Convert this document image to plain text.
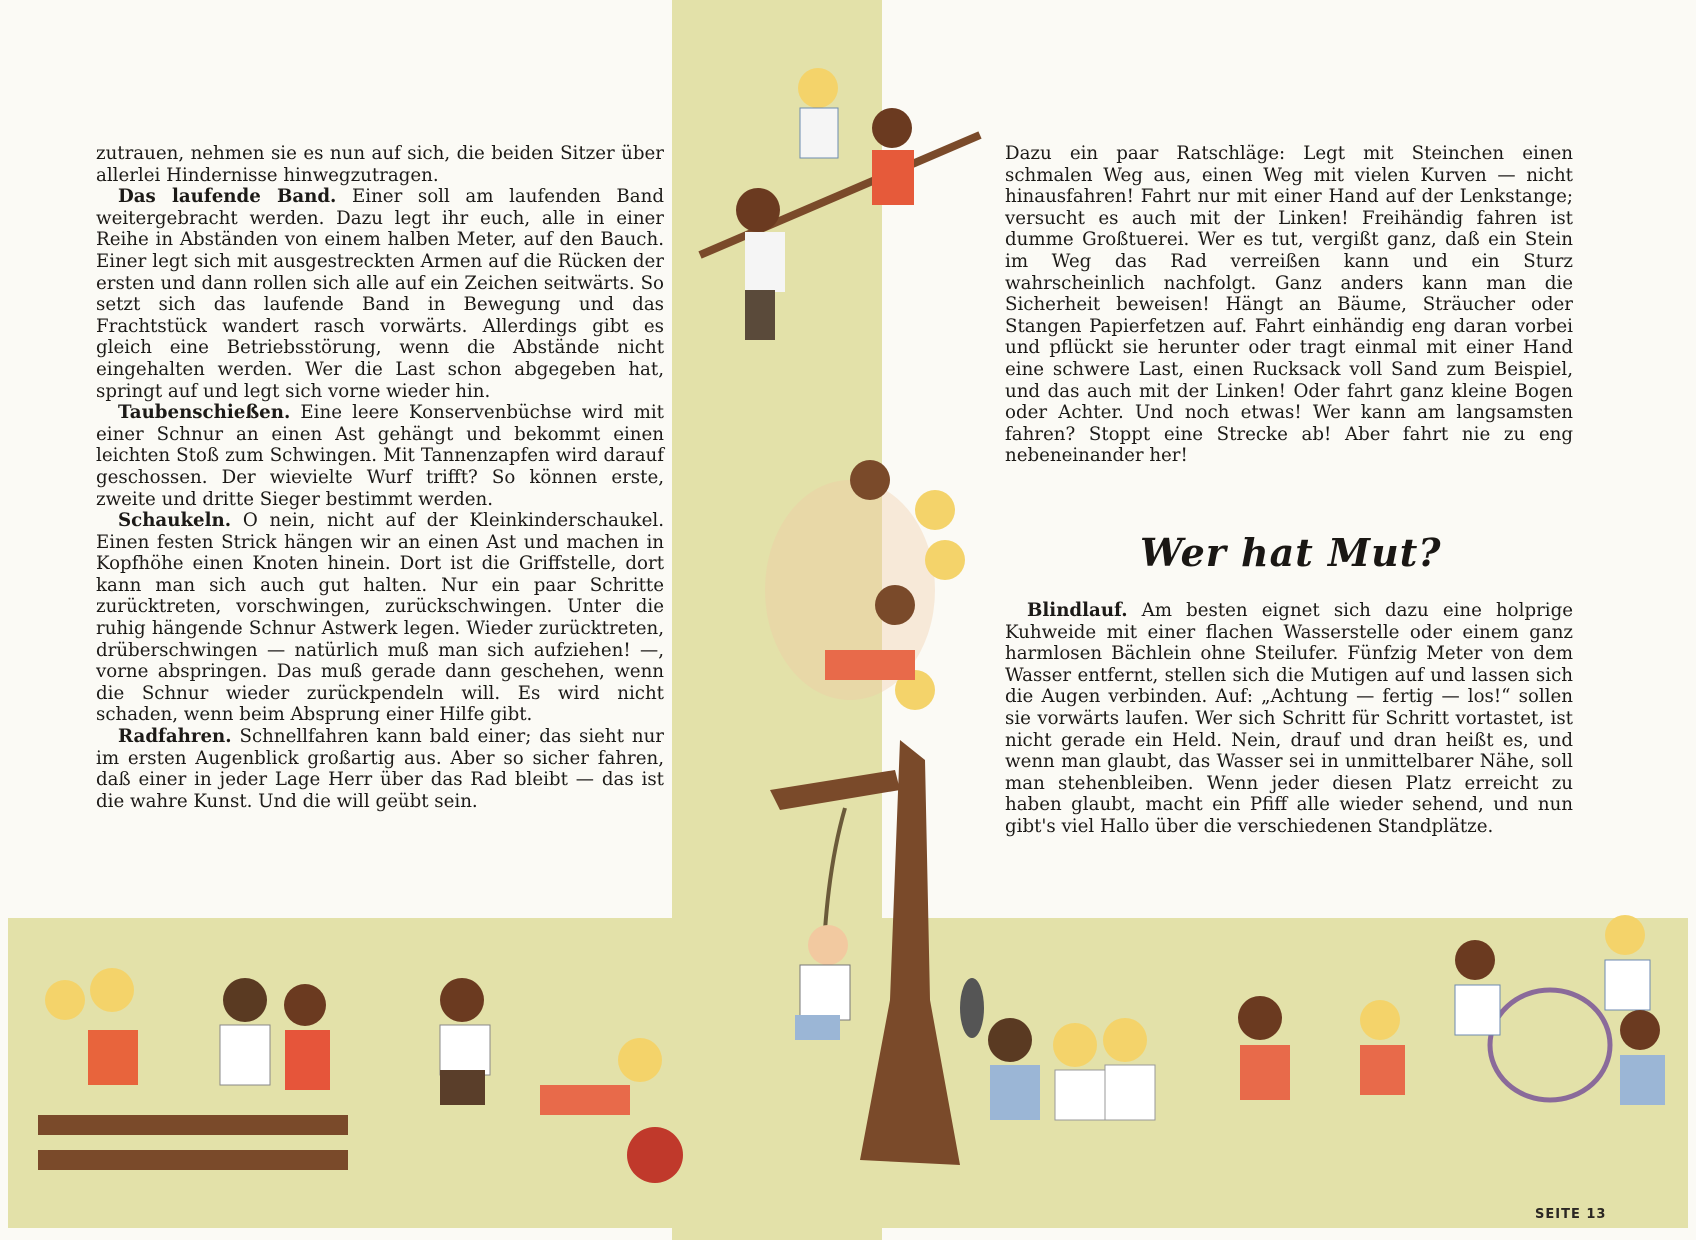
zutrauen, nehmen sie es nun auf sich, die beiden Sitzer über allerlei Hindernisse hinwegzutragen.

Das laufende Band. Einer soll am laufenden Band weitergebracht werden. Dazu legt ihr euch, alle in einer Reihe in Abständen von einem halben Meter, auf den Bauch. Einer legt sich mit ausgestreckten Armen auf die Rücken der ersten und dann rollen sich alle auf ein Zeichen seitwärts. So setzt sich das laufende Band in Bewegung und das Frachtstück wandert rasch vorwärts. Allerdings gibt es gleich eine Betriebsstörung, wenn die Abstände nicht eingehalten werden. Wer die Last schon abgegeben hat, springt auf und legt sich vorne wieder hin.

Taubenschießen. Eine leere Konservenbüchse wird mit einer Schnur an einen Ast gehängt und bekommt einen leichten Stoß zum Schwingen. Mit Tannenzapfen wird darauf geschossen. Der wievielte Wurf trifft? So können erste, zweite und dritte Sieger bestimmt werden.

Schaukeln. O nein, nicht auf der Kleinkinderschaukel. Einen festen Strick hängen wir an einen Ast und machen in Kopfhöhe einen Knoten hinein. Dort ist die Griffstelle, dort kann man sich auch gut halten. Nur ein paar Schritte zurücktreten, vorschwingen, zurückschwingen. Unter die ruhig hängende Schnur Astwerk legen. Wieder zurücktreten, drüberschwingen — natürlich muß man sich aufziehen! —, vorne abspringen. Das muß gerade dann geschehen, wenn die Schnur wieder zurückpendeln will. Es wird nicht schaden, wenn beim Absprung einer Hilfe gibt.

Radfahren. Schnellfahren kann bald einer; das sieht nur im ersten Augenblick großartig aus. Aber so sicher fahren, daß einer in jeder Lage Herr über das Rad bleibt — das ist die wahre Kunst. Und die will geübt sein.

Dazu ein paar Ratschläge: Legt mit Steinchen einen schmalen Weg aus, einen Weg mit vielen Kurven — nicht hinausfahren! Fahrt nur mit einer Hand auf der Lenkstange; versucht es auch mit der Linken! Freihändig fahren ist dumme Großtuerei. Wer es tut, vergißt ganz, daß ein Stein im Weg das Rad verreißen kann und ein Sturz wahrscheinlich nachfolgt. Ganz anders kann man die Sicherheit beweisen! Hängt an Bäume, Sträucher oder Stangen Papierfetzen auf. Fahrt einhändig eng daran vorbei und pflückt sie herunter oder tragt einmal mit einer Hand eine schwere Last, einen Rucksack voll Sand zum Beispiel, und das auch mit der Linken! Oder fahrt ganz kleine Bogen oder Achter. Und noch etwas! Wer kann am langsamsten fahren? Stoppt eine Strecke ab! Aber fahrt nie zu eng nebeneinander her!

Wer hat Mut?

Blindlauf. Am besten eignet sich dazu eine holprige Kuhweide mit einer flachen Wasserstelle oder einem ganz harmlosen Bächlein ohne Steilufer. Fünfzig Meter von dem Wasser entfernt, stellen sich die Mutigen auf und lassen sich die Augen verbinden. Auf: „Achtung — fertig — los!“ sollen sie vorwärts laufen. Wer sich Schritt für Schritt vortastet, ist nicht gerade ein Held. Nein, drauf und dran heißt es, und wenn man glaubt, das Wasser sei in unmittelbarer Nähe, soll man stehenbleiben. Wenn jeder diesen Platz erreicht zu haben glaubt, macht ein Pfiff alle wieder sehend, und nun gibt's viel Hallo über die verschiedenen Standplätze.

SEITE 13
